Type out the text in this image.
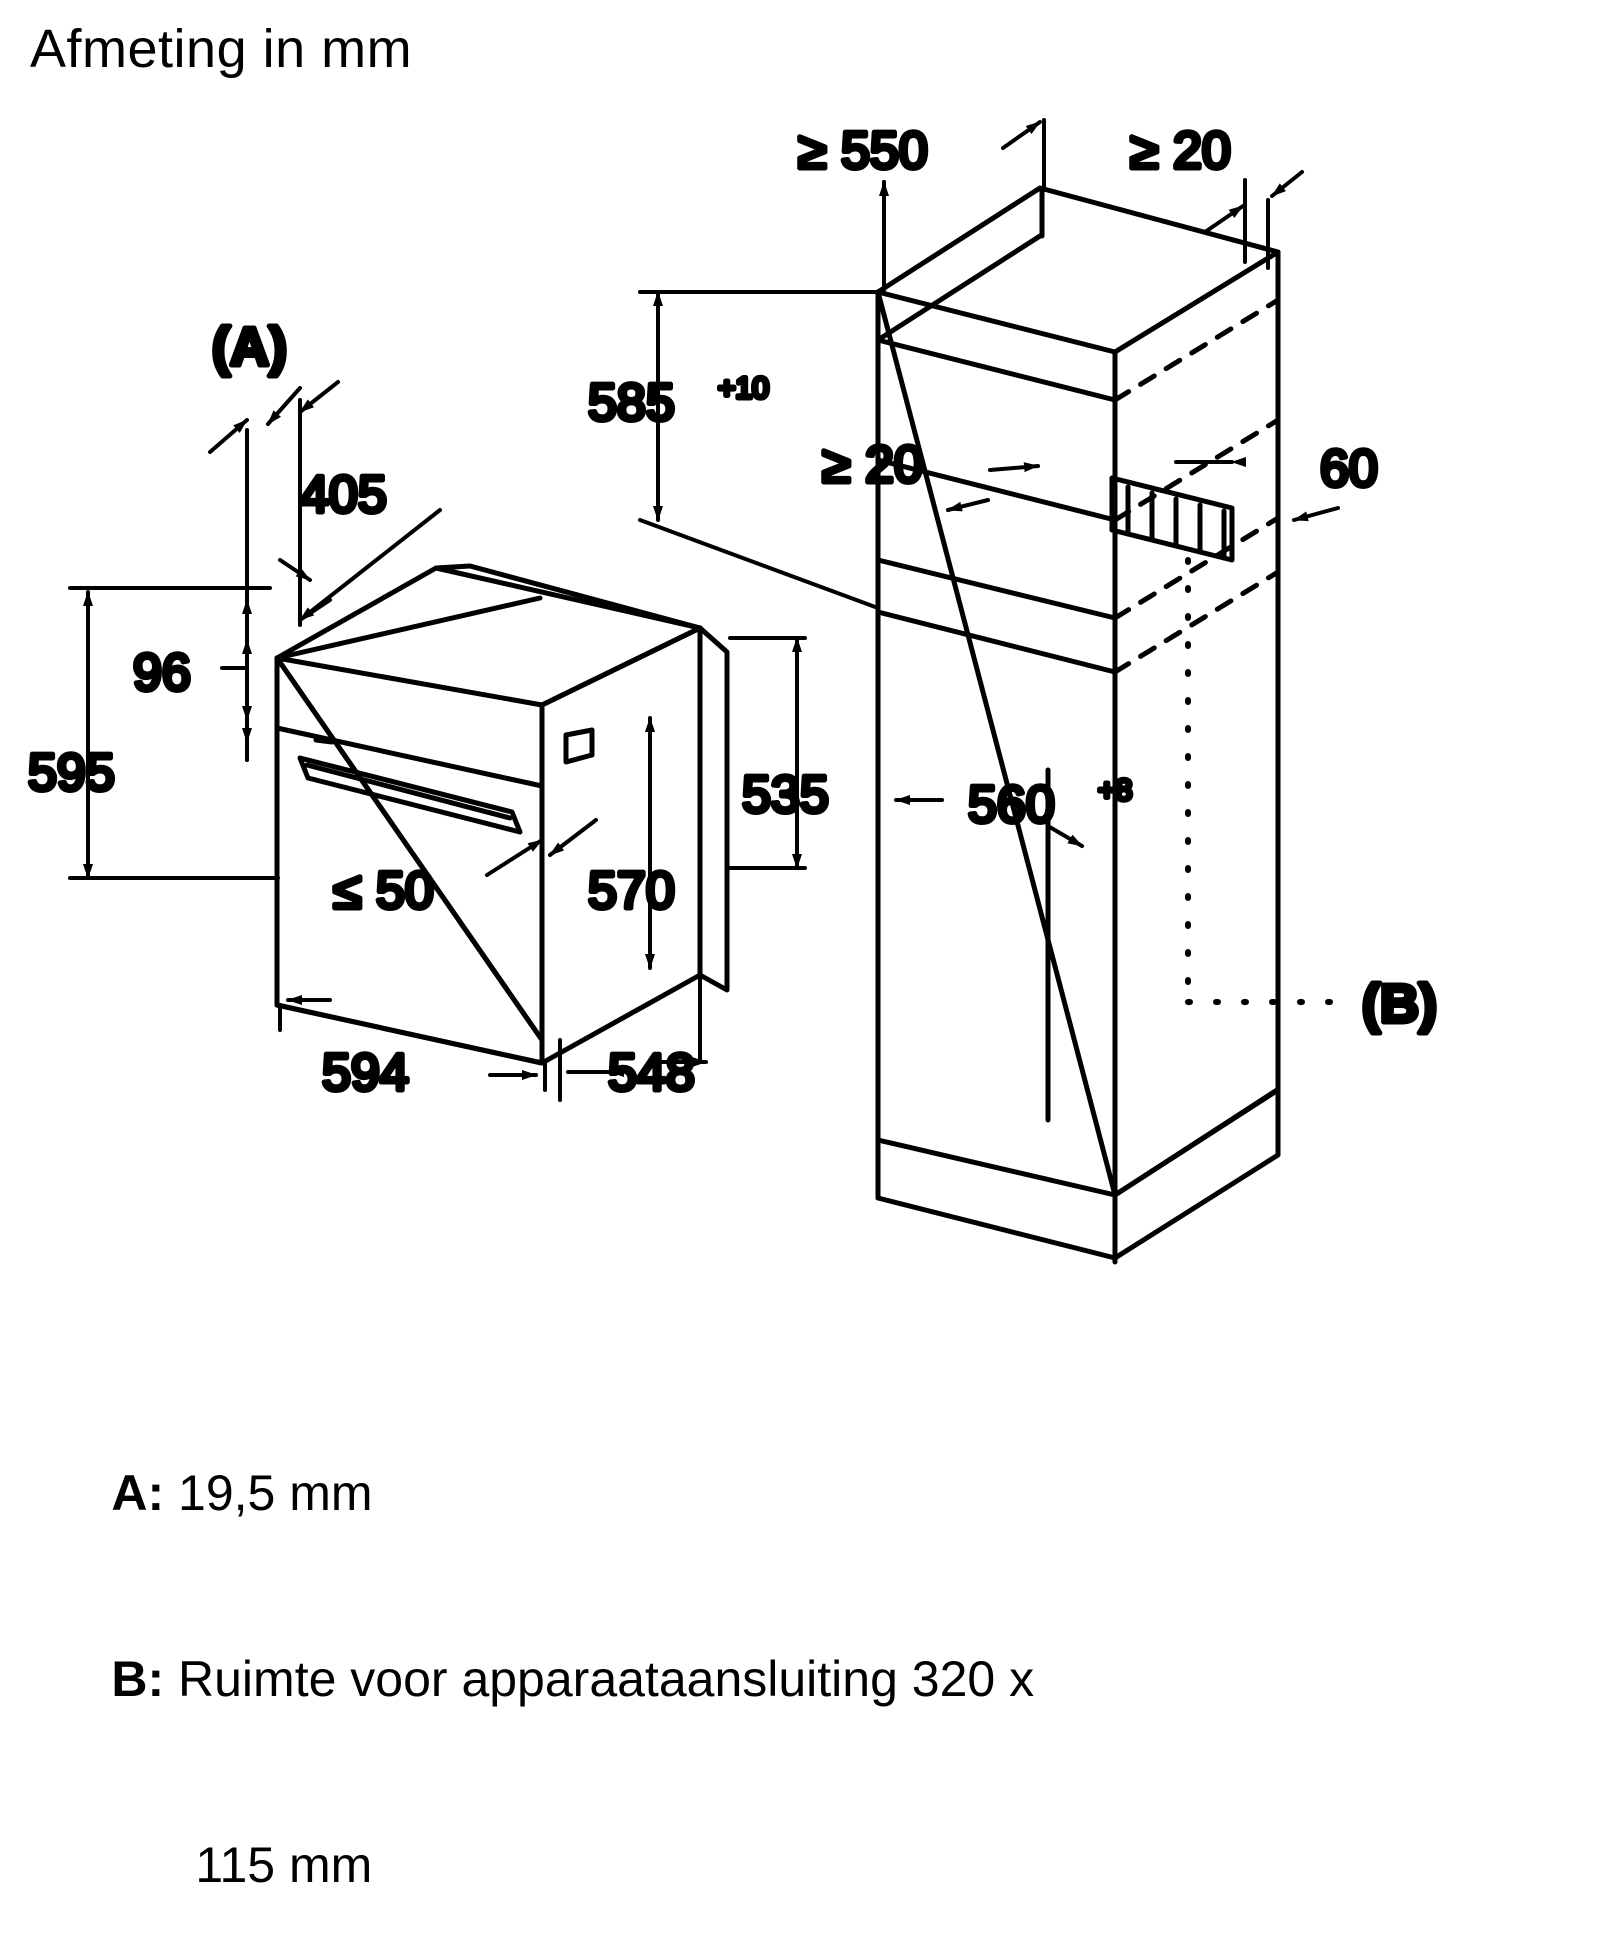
Afmeting in mm
405
(A)
96
595
≤ 50	570
535
594	548
(B)
≥ 550	≥ 20
585 +10
≥ 20	60
560 +8

A: 19,5 mm

B: Ruimte voor apparaataansluiting 320 x

115 mm
